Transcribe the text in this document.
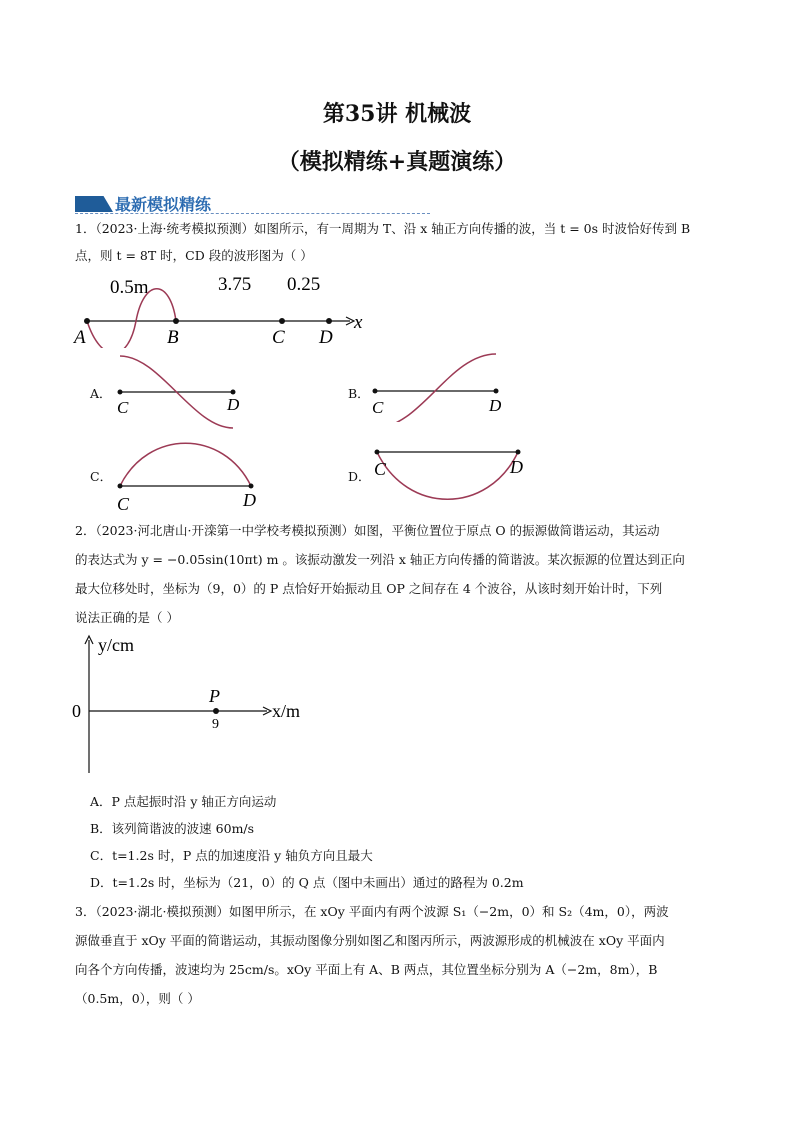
第35讲 机械波
（模拟精练+真题演练）
最新模拟精练
1．（2023·上海·统考模拟预测）如图所示，有一周期为 T、沿 x 轴正方向传播的波，当 t = 0s 时波恰好传到 B
点，则 t = 8T 时，CD 段的波形图为（ ）
0.5m	3.75 0.25
A	B	C D
x
A．
C	D
B．
C	D
C．
C	D
D． C	D
2．（2023·河北唐山·开滦第一中学校考模拟预测）如图，平衡位置位于原点 O 的振源做简谐运动，其运动
的表达式为 y = −0.05sin(10πt) m 。该振动激发一列沿 x 轴正方向传播的简谐波。某次振源的位置达到正向
最大位移处时，坐标为（9，0）的 P 点恰好开始振动且 OP 之间存在 4 个波谷，从该时刻开始计时，下列
说法正确的是（ ）
y/cm
x/m
0
P
9
A．P 点起振时沿 y 轴正方向运动
B．该列简谐波的波速 60m/s
C．t=1.2s 时，P 点的加速度沿 y 轴负方向且最大
D．t=1.2s 时，坐标为（21，0）的 Q 点（图中未画出）通过的路程为 0.2m
3．（2023·湖北·模拟预测）如图甲所示，在 xOy 平面内有两个波源 S₁（−2m，0）和 S₂（4m，0），两波
源做垂直于 xOy 平面的简谐运动，其振动图像分别如图乙和图丙所示，两波源形成的机械波在 xOy 平面内
向各个方向传播，波速均为 25cm/s。xOy 平面上有 A、B 两点，其位置坐标分别为 A（−2m，8m），B
（0.5m，0），则（ ）
